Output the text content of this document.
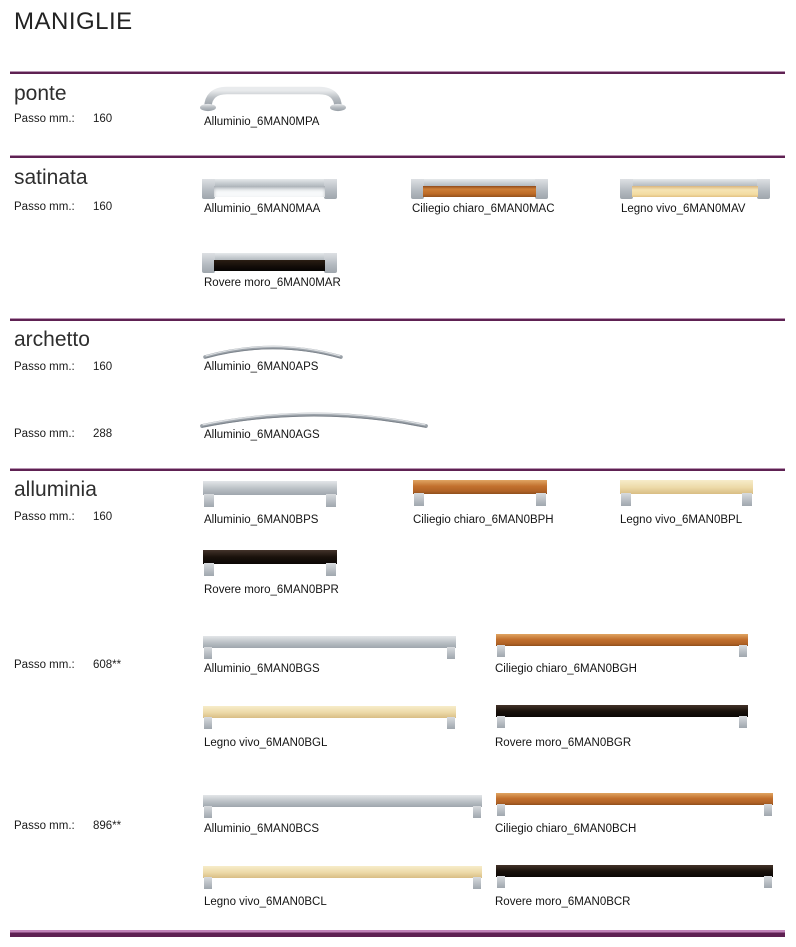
MANIGLIE
ponte
Passo mm.:	160	Alluminio_6MAN0MPA
satinata
Passo mm.:	160	Alluminio_6MAN0MAA	Ciliegio chiaro_6MAN0MAC	Legno vivo_6MAN0MAV
Rovere moro_6MAN0MAR
archetto
Passo mm.:	160	Alluminio_6MAN0APS
Passo mm.:	288	Alluminio_6MAN0AGS
alluminia
Passo mm.:	160	Alluminio_6MAN0BPS	Ciliegio chiaro_6MAN0BPH	Legno vivo_6MAN0BPL
Rovere moro_6MAN0BPR
Passo mm.:	608**	Alluminio_6MAN0BGS	Ciliegio chiaro_6MAN0BGH
Legno vivo_6MAN0BGL	Rovere moro_6MAN0BGR
Passo mm.:	896**	Alluminio_6MAN0BCS	Ciliegio chiaro_6MAN0BCH
Legno vivo_6MAN0BCL	Rovere moro_6MAN0BCR
